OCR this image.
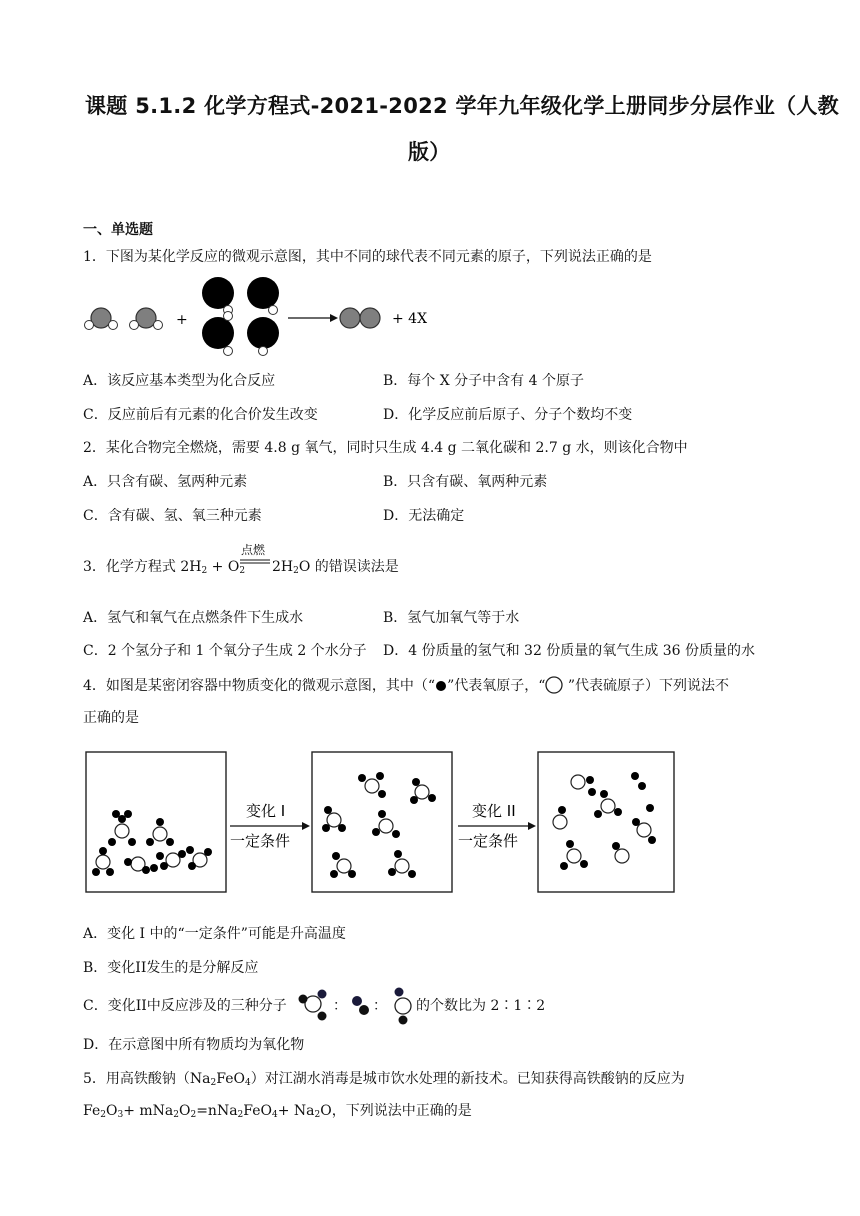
课题 5.1.2 化学方程式-2021-2022 学年九年级化学上册同步分层作业（人教
版）
一、单选题
1．下图为某化学反应的微观示意图，其中不同的球代表不同元素的原子，下列说法正确的是
+	+ 4X
A．该反应基本类型为化合反应	B．每个 X 分子中含有 4 个原子
C．反应前后有元素的化合价发生改变	D．化学反应前后原子、分子个数均不变
2．某化合物完全燃烧，需要 4.8 g 氧气，同时只生成 4.4 g 二氧化碳和 2.7 g 水，则该化合物中
A．只含有碳、氢两种元素	B．只含有碳、氧两种元素
C．含有碳、氢、氧三种元素	D．无法确定
点燃
3．化学方程式 $2H_2 + O_2$ $2H_2O$ 的错误读法是
A．氢气和氧气在点燃条件下生成水	B．氢气加氧气等于水
C．2 个氢分子和 1 个氧分子生成 2 个水分子 D．4 份质量的氢气和 32 份质量的氧气生成 36 份质量的水
4．如图是某密闭容器中物质变化的微观示意图，其中（“ ”代表氧原子，“ ”代表硫原子）下列说法不
正确的是
变化 I
一定条件
变化 II
一定条件
A．变化 I 中的“一定条件”可能是升高温度
B．变化II发生的是分解反应
C．变化II中反应涉及的三种分子	： ： 的个数比为 2∶1∶2
D．在示意图中所有物质均为氧化物
5．用高铁酸钠$(Na_2FeO_4)$对江湖水消毒是城市饮水处理的新技术。已知获得高铁酸钠的反应为
$Fe_2O_3+ mNa_2O_2=nNa_2FeO_4+ Na_2O$，下列说法中正确的是
